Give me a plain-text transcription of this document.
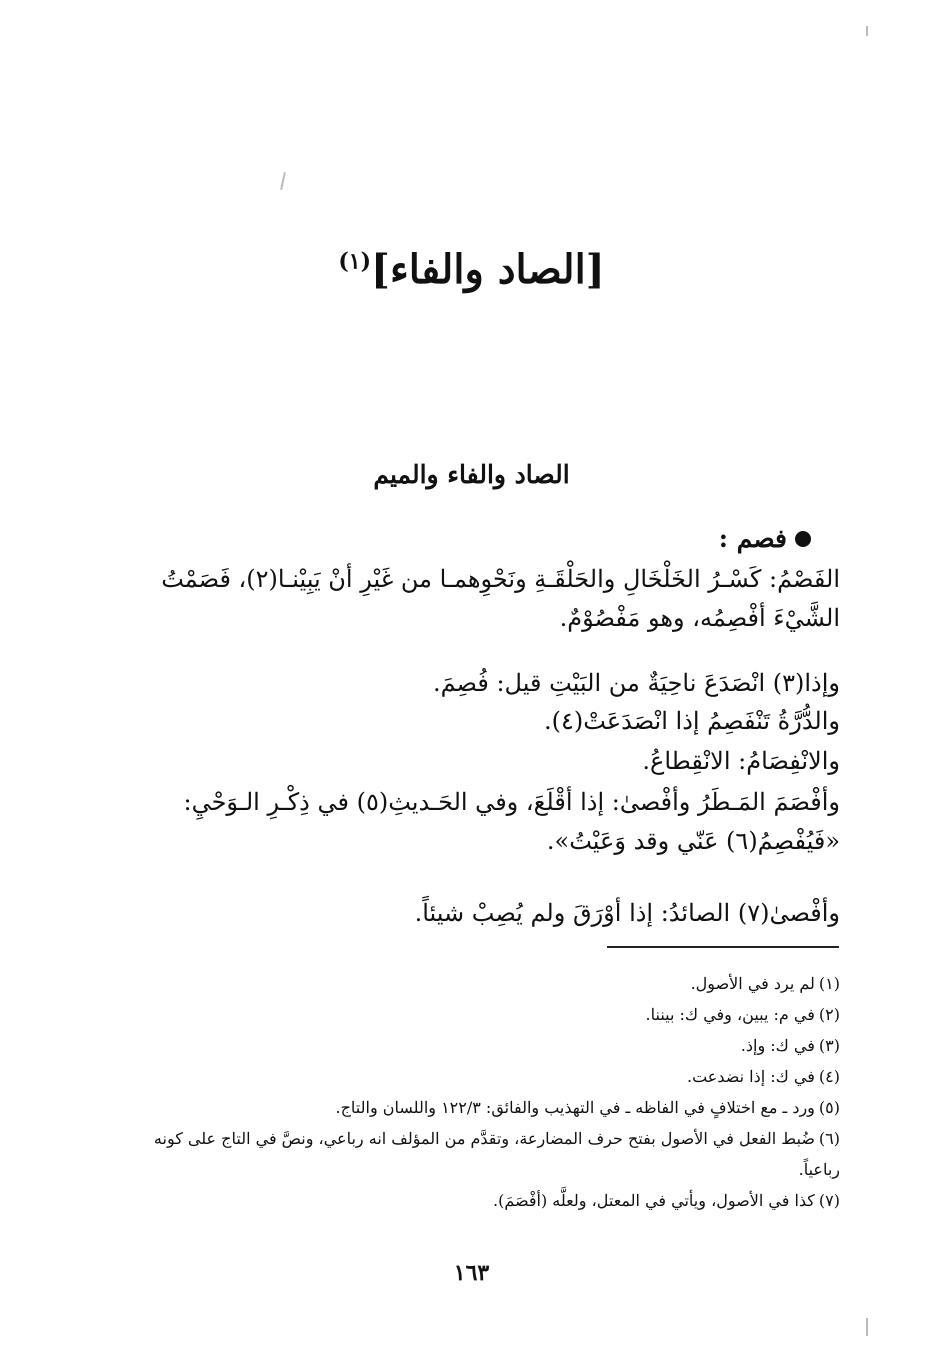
[الصاد والفاء]$^{(١)}$
الصاد والفاء والميم
فصم :
الفَصْمُ: كَسْـرُ الخَلْخَالِ والحَلْقَـةِ ونَحْوِهمـا من غَيْرِ أنْ يَبِيْنـا(٢)، فَصَمْتُ الشَّيْءَ أفْصِمُه، وهو مَفْصُوْمٌ.
وإذا(٣) انْصَدَعَ ناحِيَةٌ من البَيْتِ قيل: فُصِمَ.
والدُّرَّةُ تَنْفَصِمُ إذا انْصَدَعَتْ(٤).
والانْفِصَامُ: الانْقِطاعُ.
وأفْصَمَ المَـطَرُ وأفْصىٰ: إذا أقْلَعَ، وفي الحَـديثِ(٥) في ذِكْـرِ الـوَحْيِ: «فَيُفْصِمُ(٦) عَنّي وقد وَعَيْتُ».
وأفْصىٰ(٧) الصائدُ: إذا أوْرَقَ ولم يُصِبْ شيئاً.

(١)لم يرد في الأصول.

(٢)في م: يبين، وفي ك: بيننا.

(٣)في ك: وإذ.

(٤)في ك: إذا نضدعت.

(٥)ورد ـ مع اختلافٍ في الفاظه ـ في التهذيب والفائق: ١٢٢/٣ واللسان والتاج.

(٦)ضُبط الفعل في الأصول بفتح حرف المضارعة، وتقدَّم من المؤلف انه رباعي، ونصَّ في التاج على كونه رباعياً.

(٧)كذا في الأصول، ويأتي في المعتل، ولعلَّه (أفْصَمَ).

١٦٣
